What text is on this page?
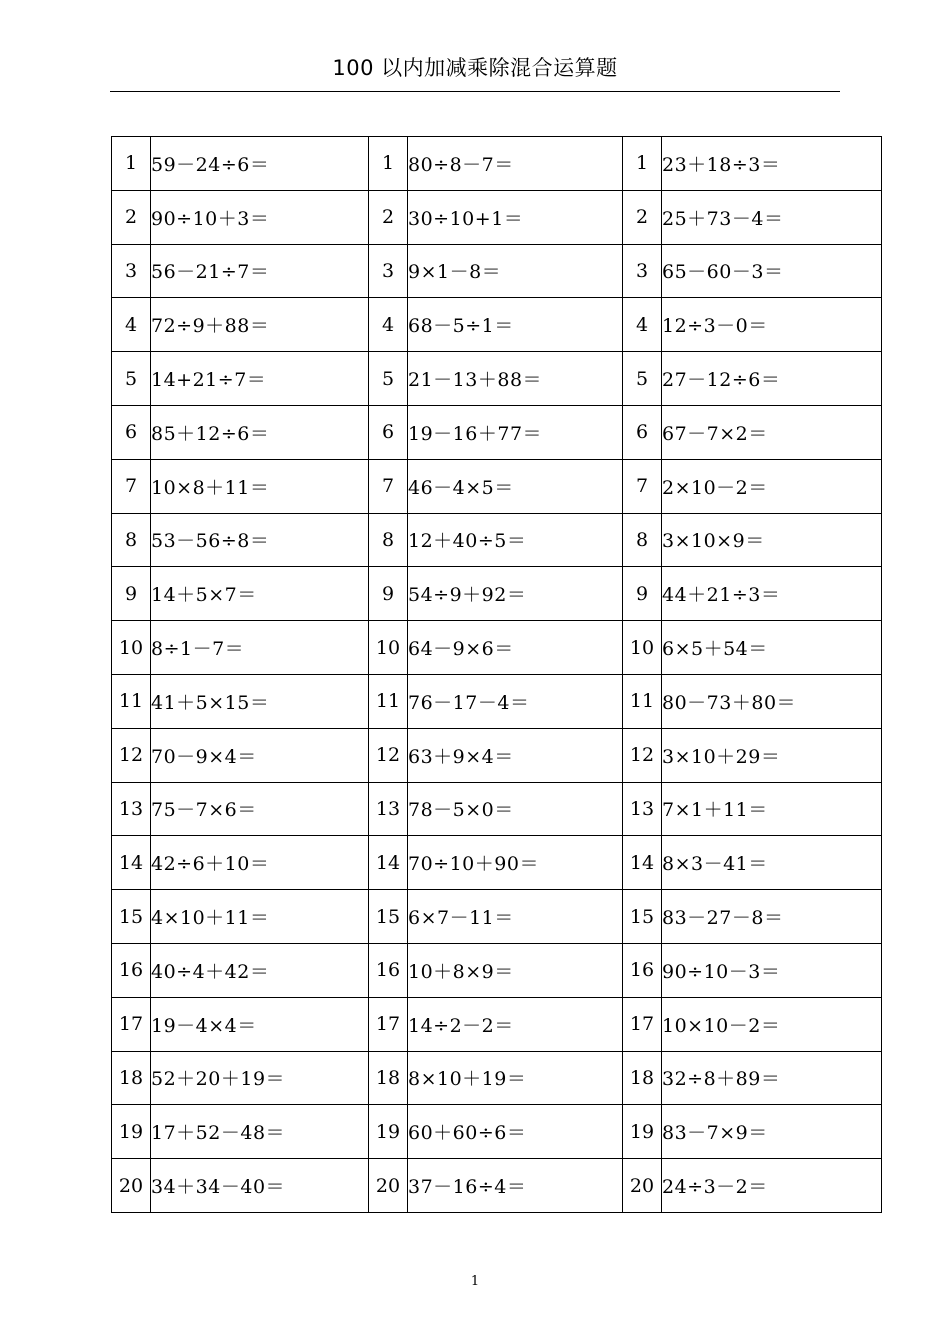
100 以内加减乘除混合运算题
1	59－24÷6＝	1	80÷8－7＝	1	23＋18÷3＝
2	90÷10＋3＝	2	30÷10+1＝	2	25＋73－4＝
3	56－21÷7＝	3	9×1－8＝	3	65－60－3＝
4	72÷9＋88＝	4	68－5÷1＝	4	12÷3－0＝
5	14+21÷7＝	5	21－13＋88＝	5	27－12÷6＝
6	85＋12÷6＝	6	19－16＋77＝	6	67－7×2＝
7	10×8＋11＝	7	46－4×5＝	7	2×10－2＝
8	53－56÷8＝	8	12＋40÷5＝	8	3×10×9＝
9	14＋5×7＝	9	54÷9＋92＝	9	44＋21÷3＝
10	8÷1－7＝	10	64－9×6＝	10	6×5＋54＝
11	41＋5×15＝	11	76－17－4＝	11	80－73＋80＝
12	70－9×4＝	12	63＋9×4＝	12	3×10＋29＝
13	75－7×6＝	13	78－5×0＝	13	7×1＋11＝
14	42÷6＋10＝	14	70÷10＋90＝	14	8×3－41＝
15	4×10＋11＝	15	6×7－11＝	15	83－27－8＝
16	40÷4＋42＝	16	10＋8×9＝	16	90÷10－3＝
17	19－4×4＝	17	14÷2－2＝	17	10×10－2＝
18	52＋20＋19＝	18	8×10＋19＝	18	32÷8＋89＝
19	17＋52－48＝	19	60＋60÷6＝	19	83－7×9＝
20	34＋34－40＝	20	37－16÷4＝	20	24÷3－2＝
1
